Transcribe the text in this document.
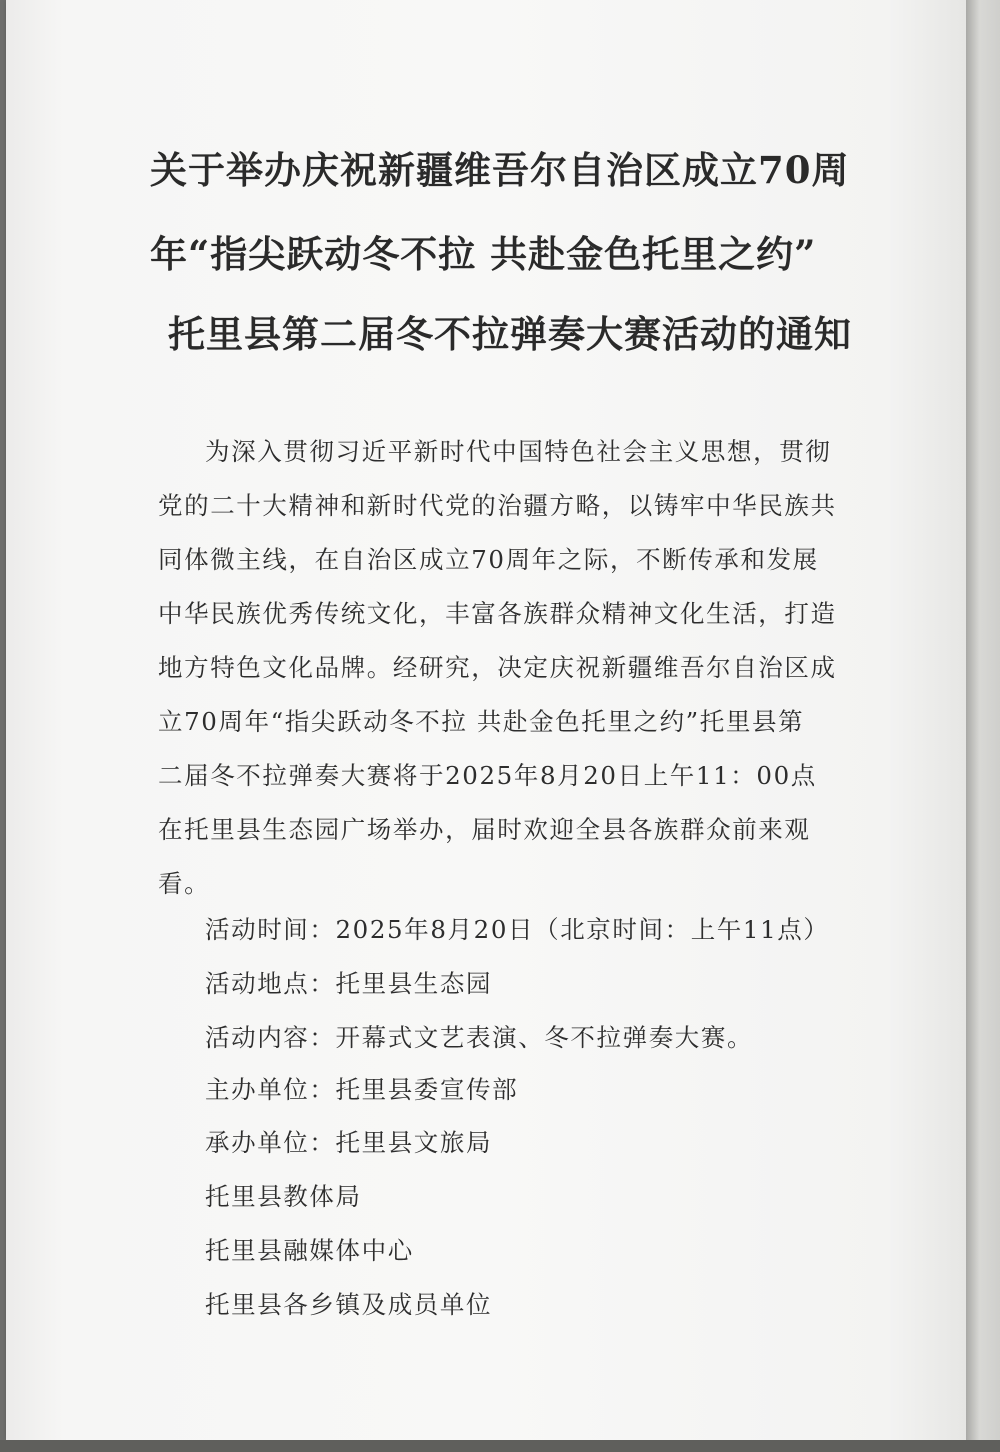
关于举办庆祝新疆维吾尔自治区成立70周
年“指尖跃动冬不拉 共赴金色托里之约”
托里县第二届冬不拉弹奏大赛活动的通知
为深入贯彻习近平新时代中国特色社会主义思想，贯彻
党的二十大精神和新时代党的治疆方略，以铸牢中华民族共
同体微主线，在自治区成立70周年之际，不断传承和发展
中华民族优秀传统文化，丰富各族群众精神文化生活，打造
地方特色文化品牌。经研究，决定庆祝新疆维吾尔自治区成
立70周年“指尖跃动冬不拉 共赴金色托里之约”托里县第
二届冬不拉弹奏大赛将于2025年8月20日上午11：00点
在托里县生态园广场举办，届时欢迎全县各族群众前来观
看。
活动时间：2025年8月20日（北京时间：上午11点）
活动地点：托里县生态园
活动内容：开幕式文艺表演、冬不拉弹奏大赛。
主办单位：托里县委宣传部
承办单位：托里县文旅局
托里县教体局
托里县融媒体中心
托里县各乡镇及成员单位
